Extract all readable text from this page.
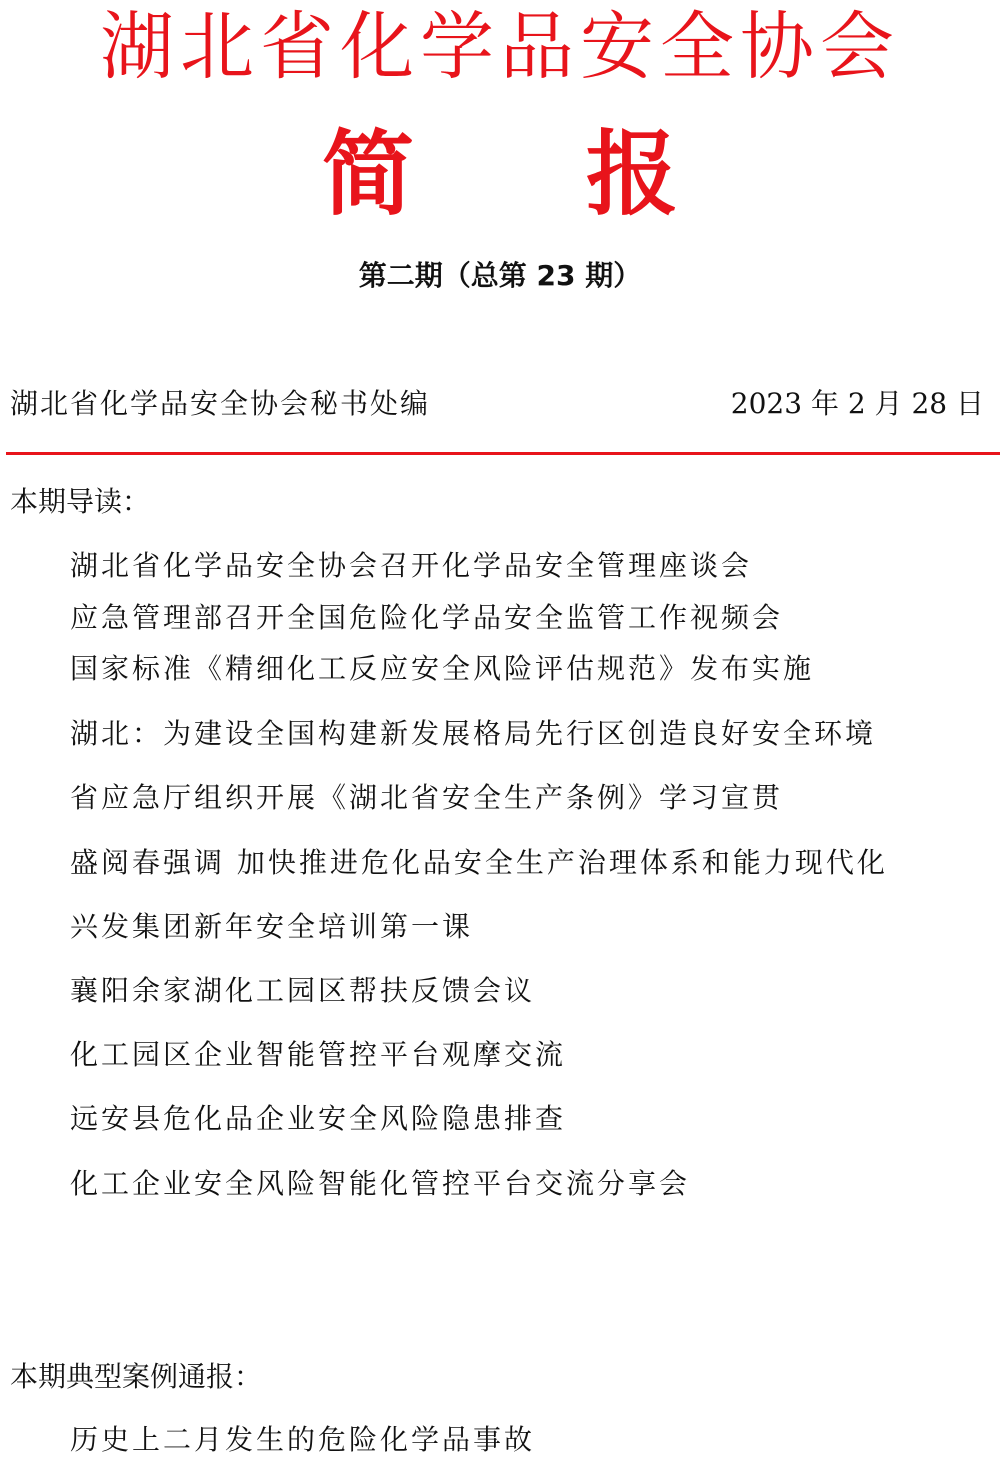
湖北省化学品安全协会
简 报
第二期（总第 23 期）
湖北省化学品安全协会秘书处编	2023 年 2 月 28 日
本期导读：
湖北省化学品安全协会召开化学品安全管理座谈会
应急管理部召开全国危险化学品安全监管工作视频会
国家标准《精细化工反应安全风险评估规范》发布实施
湖北：为建设全国构建新发展格局先行区创造良好安全环境
省应急厅组织开展《湖北省安全生产条例》学习宣贯
盛阅春强调 加快推进危化品安全生产治理体系和能力现代化
兴发集团新年安全培训第一课
襄阳余家湖化工园区帮扶反馈会议
化工园区企业智能管控平台观摩交流
远安县危化品企业安全风险隐患排查
化工企业安全风险智能化管控平台交流分享会
本期典型案例通报：
历史上二月发生的危险化学品事故
